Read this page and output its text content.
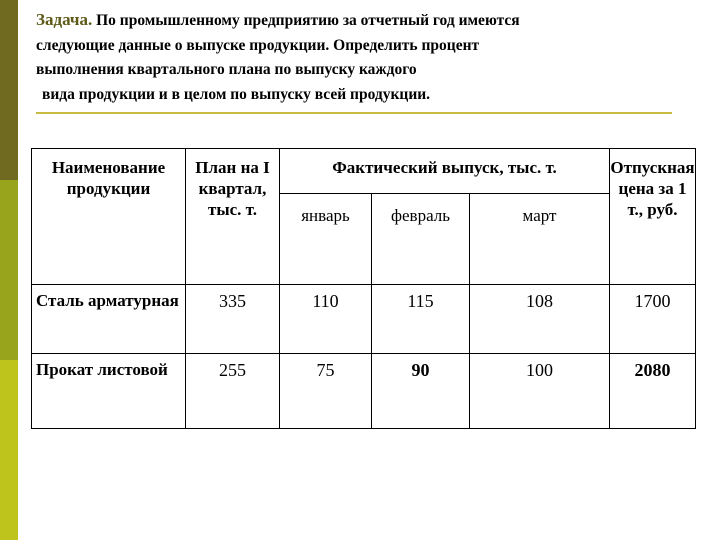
Задача. По промышленному предприятию за отчетный год имеются
следующие данные о выпуске продукции. Определить процент
выполнения квартального плана по выпуску каждого
вида продукции и в целом по выпуску всей продукции.
Наименование продукции	План на I квартал, тыс. т.	Фактический выпуск, тыс. т.			Отпускная цена за 1 т., руб.
		январь	февраль	март	
Сталь арматурная	335	110	115	108	1700
Прокат листовой	255	75	90	100	2080
